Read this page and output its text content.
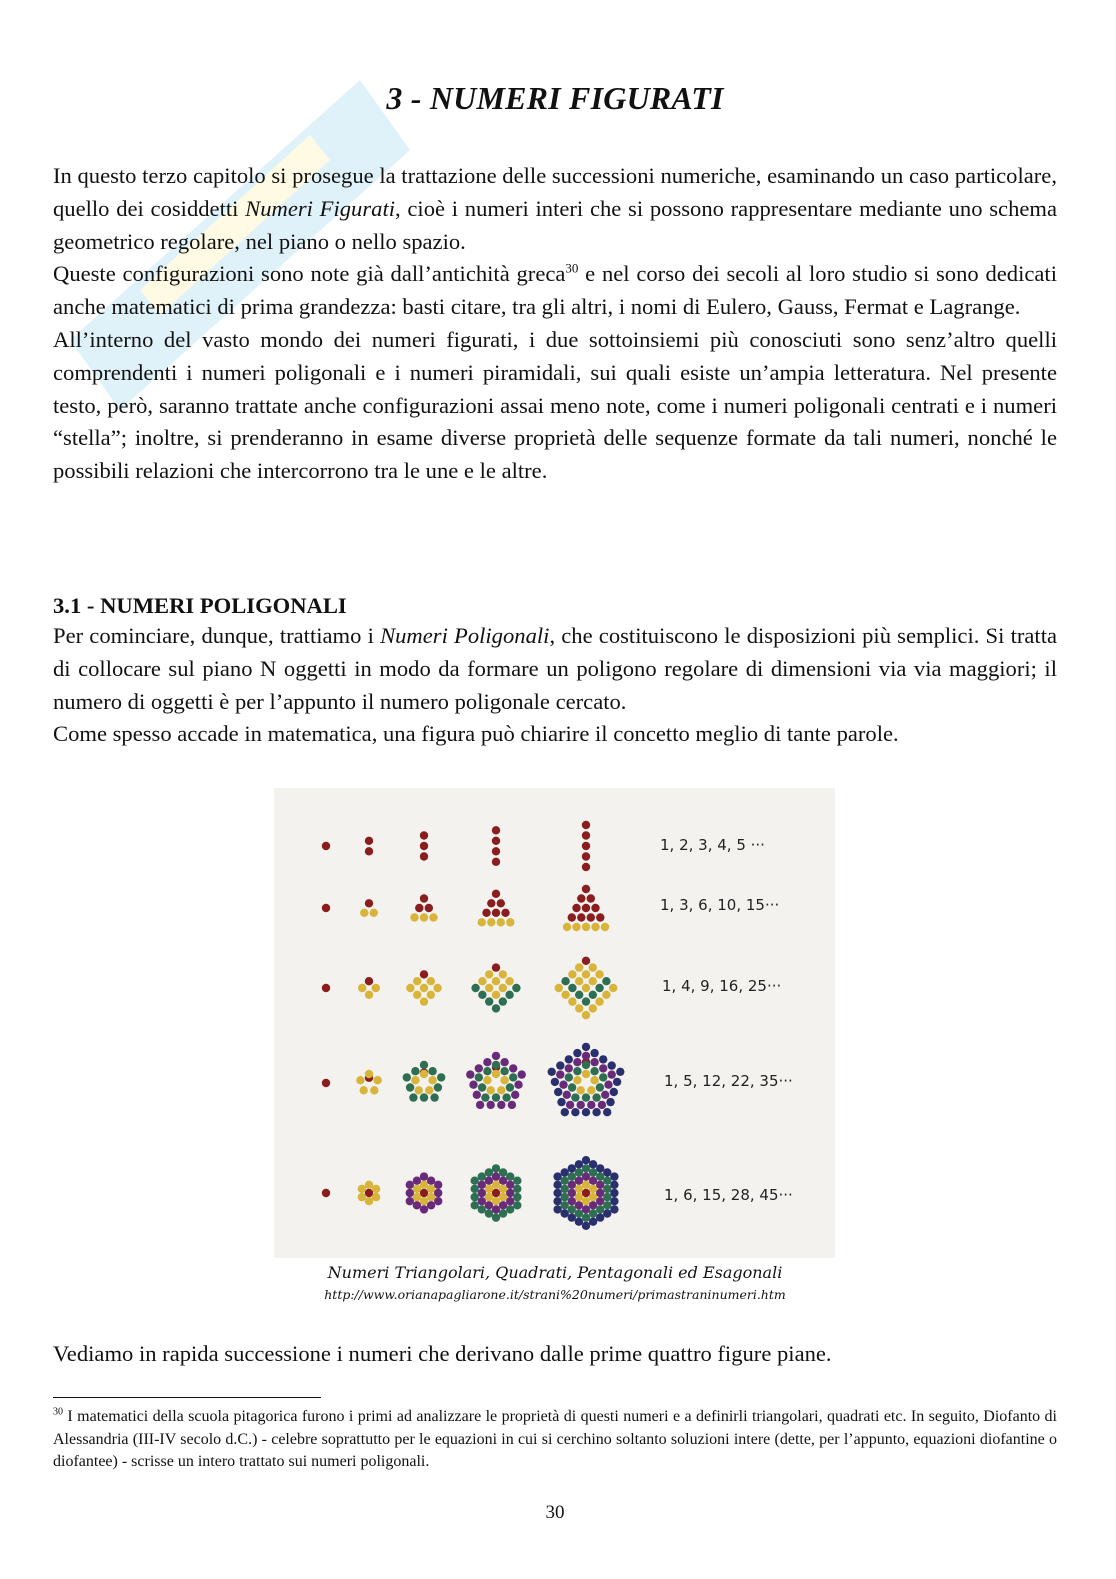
3 - NUMERI FIGURATI

In questo terzo capitolo si prosegue la trattazione delle successioni numeriche, esaminando un caso particolare, quello dei cosiddetti Numeri Figurati, cioè i numeri interi che si possono rappresentare mediante uno schema geometrico regolare, nel piano o nello spazio.

Queste configurazioni sono note già dall’antichità greca$^{30}$ e nel corso dei secoli al loro studio si sono dedicati anche matematici di prima grandezza: basti citare, tra gli altri, i nomi di Eulero, Gauss, Fermat e Lagrange.

All’interno del vasto mondo dei numeri figurati, i due sottoinsiemi più conosciuti sono senz’altro quelli comprendenti i numeri poligonali e i numeri piramidali, sui quali esiste un’ampia letteratura. Nel presente testo, però, saranno trattate anche configurazioni assai meno note, come i numeri poligonali centrati e i numeri “stella”; inoltre, si prenderanno in esame diverse proprietà delle sequenze formate da tali numeri, nonché le possibili relazioni che intercorrono tra le une e le altre.

3.1 - NUMERI POLIGONALI

Per cominciare, dunque, trattiamo i Numeri Poligonali, che costituiscono le disposizioni più semplici. Si tratta di collocare sul piano N oggetti in modo da formare un poligono regolare di dimensioni via via maggiori; il numero di oggetti è per l’appunto il numero poligonale cercato.

Come spesso accade in matematica, una figura può chiarire il concetto meglio di tante parole.

1, 2, 3, 4, 5 ···
1, 3, 6, 10, 15···
1, 4, 9, 16, 25···
1, 5, 12, 22, 35···
1, 6, 15, 28, 45···
Numeri Triangolari, Quadrati, Pentagonali ed Esagonali
http://www.orianapagliarone.it/strani%20numeri/primastraninumeri.htm

Vediamo in rapida successione i numeri che derivano dalle prime quattro figure piane.

$^{30}$ I matematici della scuola pitagorica furono i primi ad analizzare le proprietà di questi numeri e a definirli triangolari, quadrati etc. In seguito, Diofanto di Alessandria (III-IV secolo d.C.) - celebre soprattutto per le equazioni in cui si cerchino soltanto soluzioni intere (dette, per l’appunto, equazioni diofantine o diofantee) - scrisse un intero trattato sui numeri poligonali.

30
